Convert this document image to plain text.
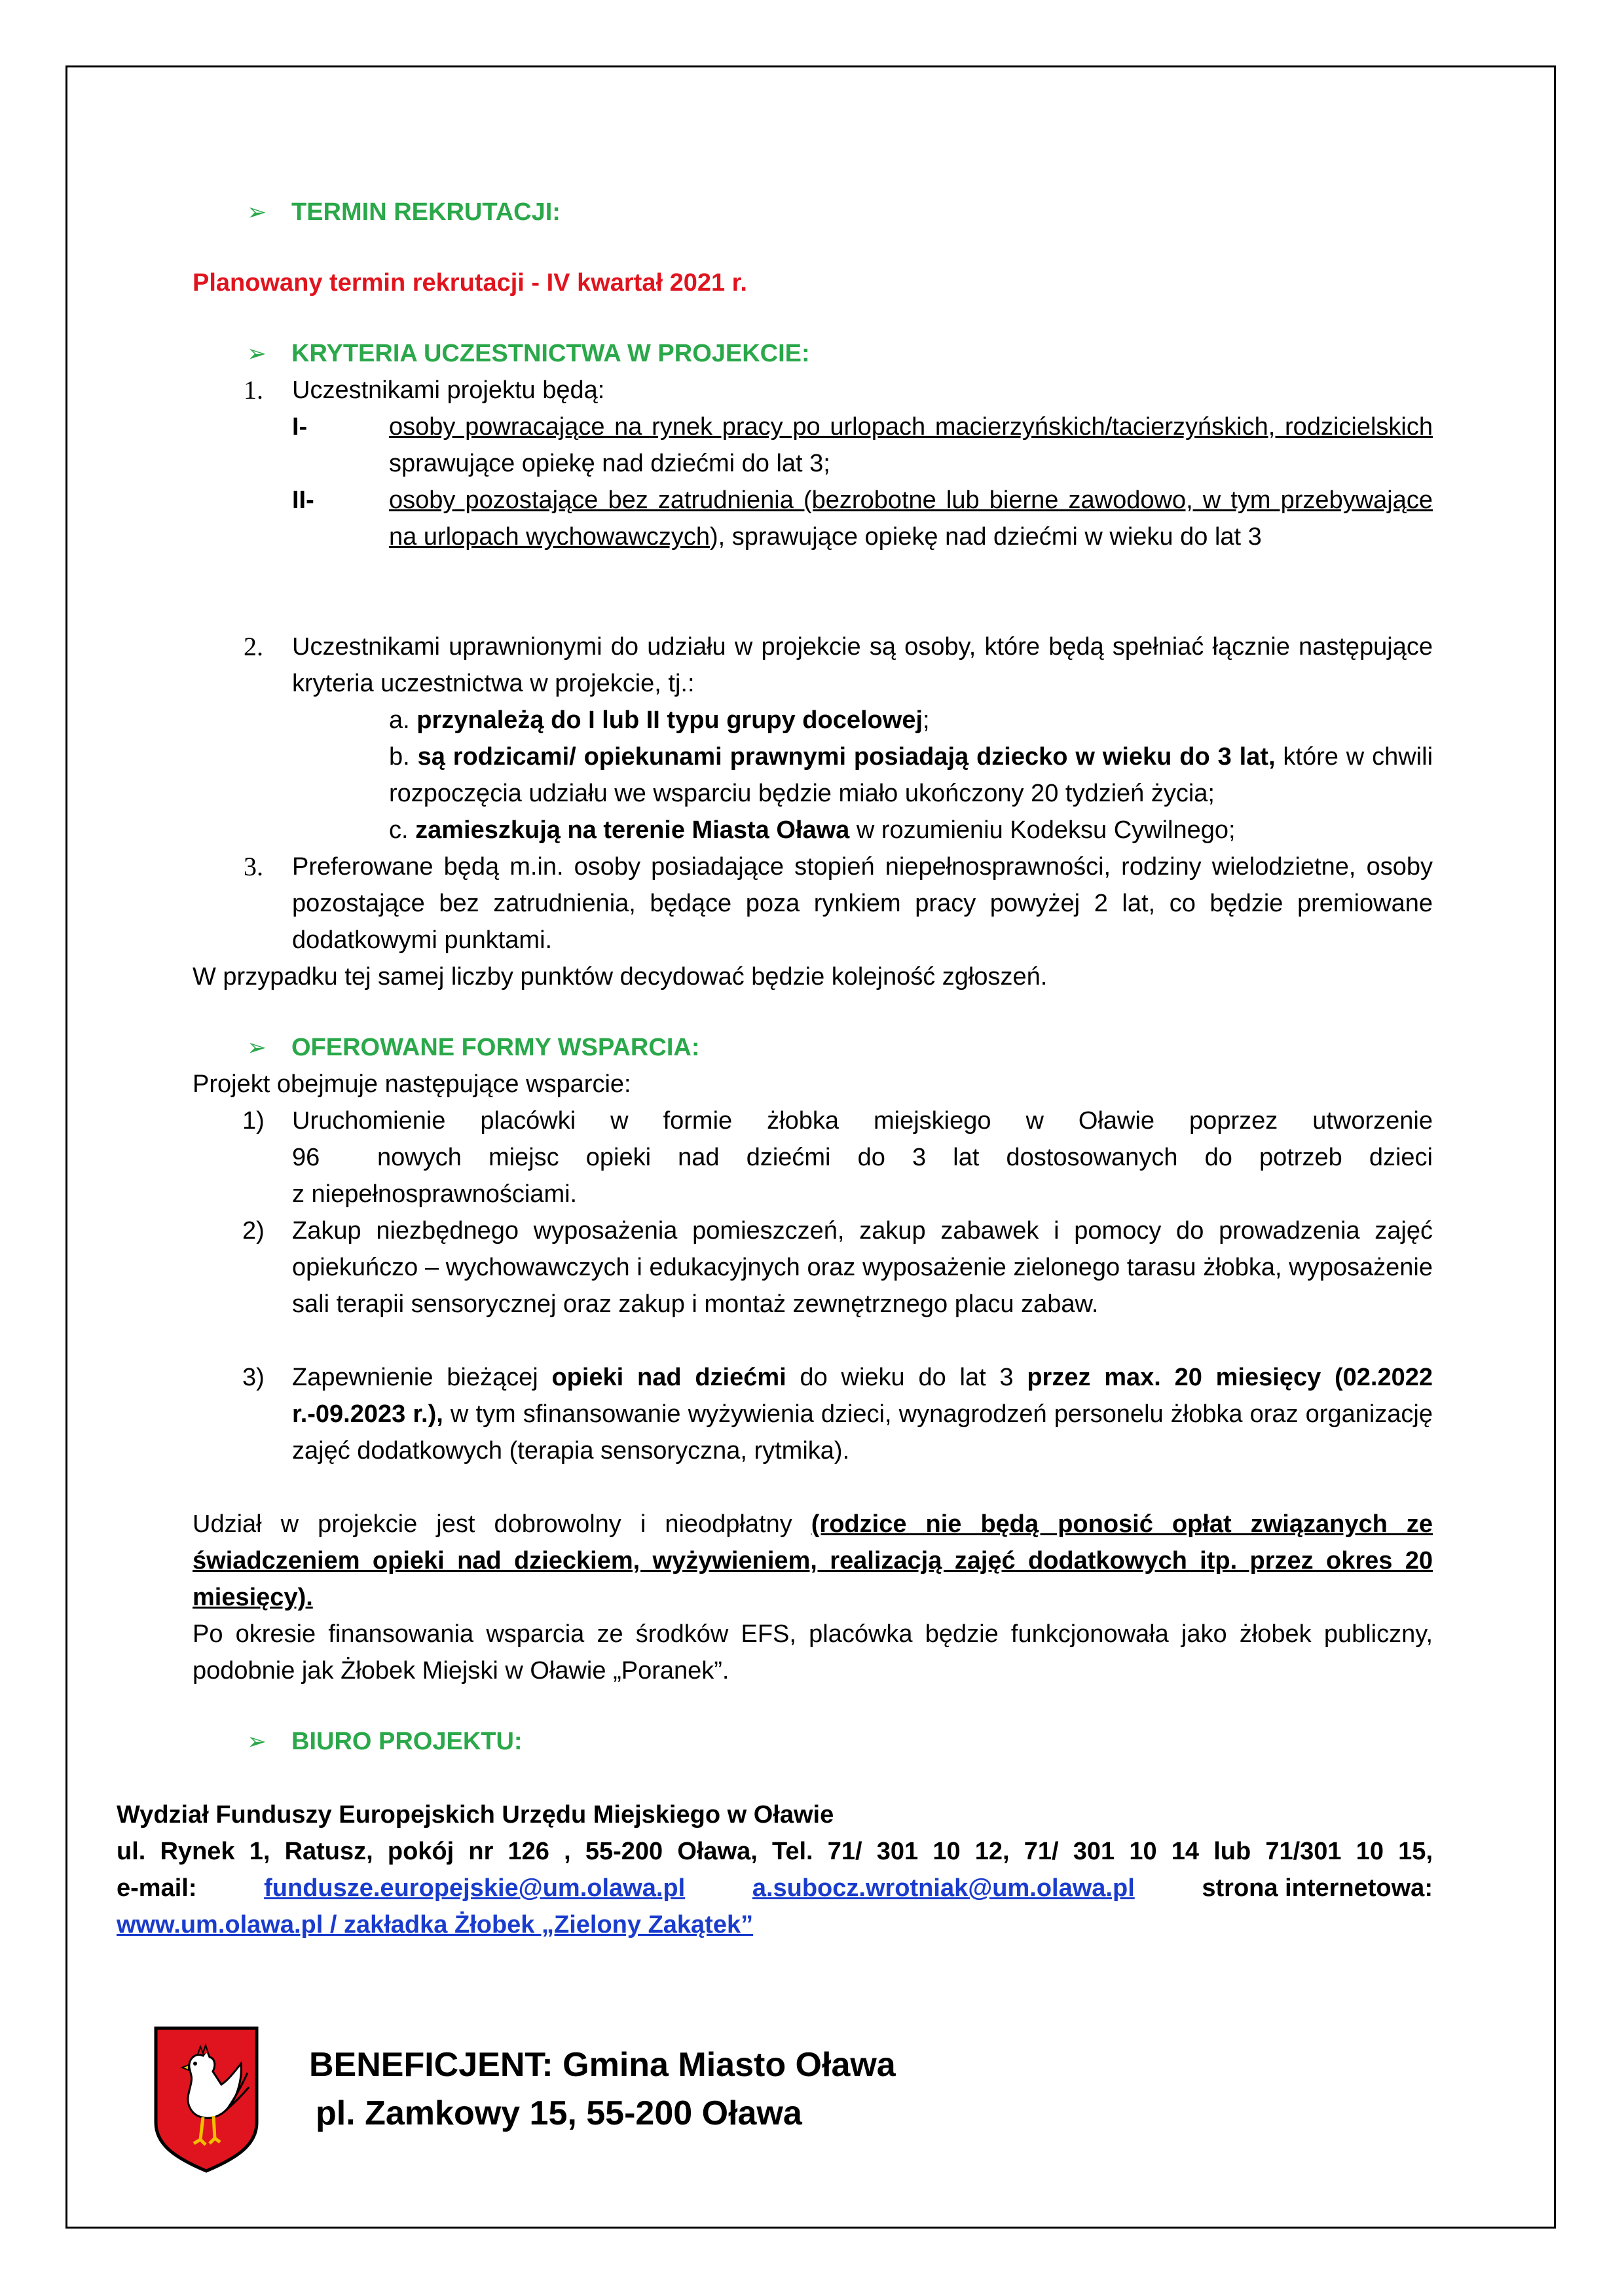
➢ TERMIN REKRUTACJI:
Planowany termin rekrutacji - IV kwartał 2021 r.
➢ KRYTERIA UCZESTNICTWA W PROJEKCIE:
1.	Uczestnikami projektu będą:
I-	osoby powracające na rynek pracy po urlopach macierzyńskich/tacierzyńskich, rodzicielskich sprawujące opiekę nad dziećmi do lat 3;
II-	osoby pozostające bez zatrudnienia (bezrobotne lub bierne zawodowo, w tym przebywające na urlopach wychowawczych), sprawujące opiekę nad dziećmi w wieku do lat 3
2.	Uczestnikami uprawnionymi do udziału w projekcie są osoby, które będą spełniać łącznie następujące kryteria uczestnictwa w projekcie, tj.:
a. przynależą do I lub II typu grupy docelowej;
b. są rodzicami/ opiekunami prawnymi posiadają dziecko w wieku do 3 lat, które w chwili rozpoczęcia udziału we wsparciu będzie miało ukończony 20 tydzień życia;
c. zamieszkują na terenie Miasta Oława w rozumieniu Kodeksu Cywilnego;
3.	Preferowane będą m.in. osoby posiadające stopień niepełnosprawności, rodziny wielodzietne, osoby pozostające bez zatrudnienia, będące poza rynkiem pracy powyżej 2 lat, co będzie premiowane dodatkowymi punktami.
W przypadku tej samej liczby punktów decydować będzie kolejność zgłoszeń.
➢ OFEROWANE FORMY WSPARCIA:
Projekt obejmuje następujące wsparcie:
1)	Uruchomienie placówki w formie żłobka miejskiego w Oławie poprzez utworzenie
96	nowych miejsc opieki nad dziećmi do 3 lat dostosowanych do potrzeb dzieci
z niepełnosprawnościami.
2)	Zakup niezbędnego wyposażenia pomieszczeń, zakup zabawek i pomocy do prowadzenia zajęć opiekuńczo – wychowawczych i edukacyjnych oraz wyposażenie zielonego tarasu żłobka, wyposażenie sali terapii sensorycznej oraz zakup i montaż zewnętrznego placu zabaw.
3)	Zapewnienie bieżącej opieki nad dziećmi do wieku do lat 3 przez max. 20 miesięcy (02.2022 r.-09.2023 r.), w tym sfinansowanie wyżywienia dzieci, wynagrodzeń personelu żłobka oraz organizację zajęć dodatkowych (terapia sensoryczna, rytmika).
Udział w projekcie jest dobrowolny i nieodpłatny (rodzice nie będą ponosić opłat związanych ze świadczeniem opieki nad dzieckiem, wyżywieniem, realizacją zajęć dodatkowych itp. przez okres 20 miesięcy).
Po okresie finansowania wsparcia ze środków EFS, placówka będzie funkcjonowała jako żłobek publiczny, podobnie jak Żłobek Miejski w Oławie „Poranek”.
➢ BIURO PROJEKTU:
Wydział Funduszy Europejskich Urzędu Miejskiego w Oławie
ul. Rynek 1, Ratusz, pokój nr 126 , 55-200 Oława, Tel. 71/ 301 10 12, 71/ 301 10 14 lub 71/301 10 15,
e-mail:	fundusze.europejskie@um.olawa.pl	a.subocz.wrotniak@um.olawa.pl	strona internetowa:
www.um.olawa.pl / zakładka Żłobek „Zielony Zakątek”
BENEFICJENT: Gmina Miasto Oława
pl. Zamkowy 15, 55-200 Oława
